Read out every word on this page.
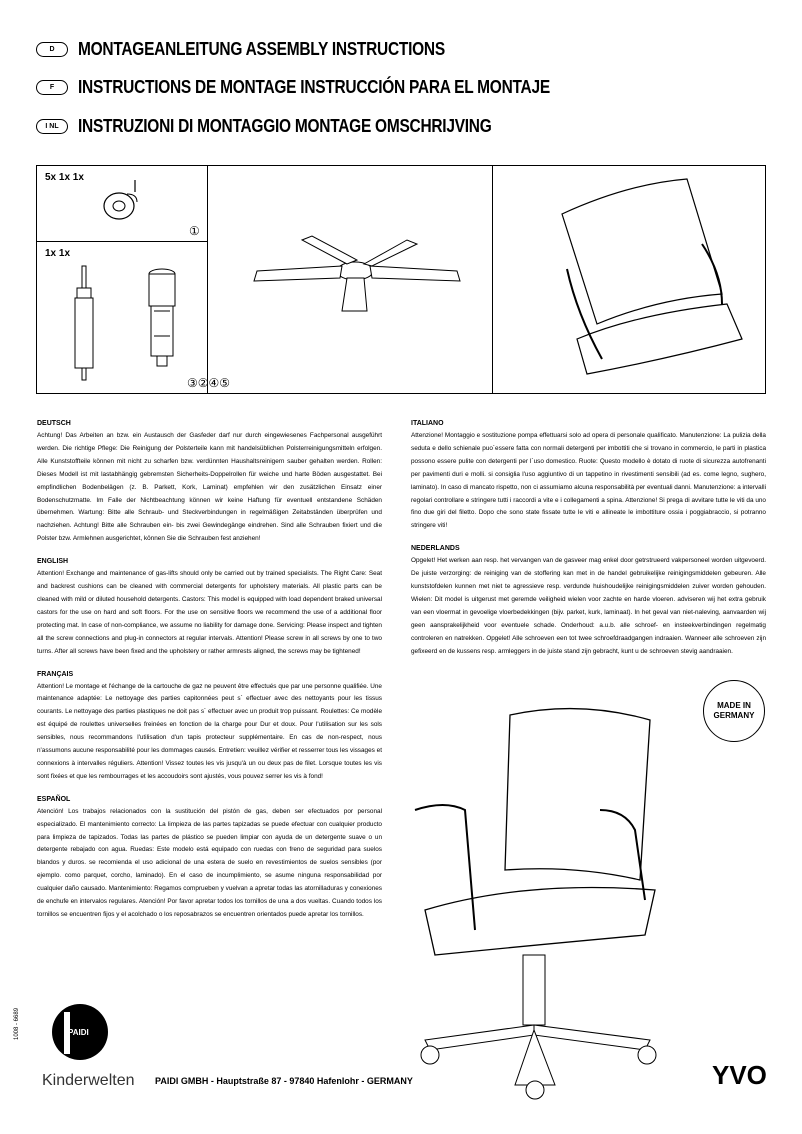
D	MONTAGEANLEITUNG ASSEMBLY INSTRUCTIONS
F	INSTRUCTIONS DE MONTAGE INSTRUCCIÓN PARA EL MONTAJE
I NL	INSTRUZIONI DI MONTAGGIO MONTAGE OMSCHRIJVING
5x 1x 1x
1x 1x
①
③②④⑤
DEUTSCH

Achtung! Das Arbeiten an bzw. ein Austausch der Gasfeder darf nur durch eingewiesenes Fachpersonal ausgeführt werden. Die richtige Pflege: Die Reinigung der Polsterteile kann mit handelsüblichen Polsterreinigungsmitteln erfolgen. Alle Kunststoffteile können mit nicht zu scharfen bzw. verdünnten Haushaltsreinigern sauber gehalten werden. Rollen: Dieses Modell ist mit lastabhängig gebremsten Sicherheits-Doppelrollen für weiche und harte Böden ausgestattet. Bei empfindlichen Bodenbelägen (z. B. Parkett, Kork, Laminat) empfehlen wir den zusätzlichen Einsatz einer Bodenschutzmatte. Im Falle der Nichtbeachtung können wir keine Haftung für eventuell entstandene Schäden übernehmen. Wartung: Bitte alle Schraub- und Steckverbindungen in regelmäßigen Zeitabständen überprüfen und nachziehen. Achtung! Bitte alle Schrauben ein- bis zwei Gewindegänge eindrehen. Sind alle Schrauben fixiert und die Polster bzw. Armlehnen ausgerichtet, können Sie die Schrauben fest anziehen!

ENGLISH

Attention! Exchange and maintenance of gas-lifts should only be carried out by trained specialists. The Right Care: Seat and backrest cushions can be cleaned with commercial detergents for upholstery materials. All plastic parts can be cleaned with mild or diluted household detergents. Castors: This model is equipped with load dependent braked universal castors for the use on hard and soft floors. For the use on sensitive floors we recommend the use of a additional floor protecting mat. In case of non-compliance, we assume no liability for damage done. Servicing: Please inspect and tighten all the screw connections and plug-in connectors at regular intervals. Attention! Please screw in all screws by one to two turns. After all screws have been fixed and the upholstery or rather armrests aligned, the screws may be tightened!

FRANÇAIS

Attention! Le montage et l'échange de la cartouche de gaz ne peuvent être effectués que par une personne qualifiée. Une maintenance adaptée: Le nettoyage des parties capitonnées peut s´ effectuer avec des nettoyants pour les tissus courants. Le nettoyage des parties plastiques ne doit pas s´ effectuer avec un produit trop puissant. Roulettes: Ce modèle est équipé de roulettes universelles freinées en fonction de la charge pour Dur et doux. Pour l'utilisation sur les sols sensibles, nous recommandons l'utilisation d'un tapis protecteur supplémentaire. En cas de non-respect, nous n'assumons aucune responsabilité pour les dommages causés. Entretien: veuillez vérifier et resserrer tous les vissages et connexions à intervalles réguliers. Attention! Vissez toutes les vis jusqu'à un ou deux pas de filet. Lorsque toutes les vis sont fixées et que les rembourrages et les accoudoirs sont ajustés, vous pouvez serrer les vis à fond!

ESPAÑOL

Atención! Los trabajos relacionados con la sustitución del pistón de gas, deben ser efectuados por personal especializado. El mantenimiento correcto: La limpieza de las partes tapizadas se puede efectuar con cualquier producto para limpieza de tapizados. Todas las partes de plástico se pueden limpiar con ayuda de un detergente suave o un detergente rebajado con agua. Ruedas: Este modelo está equipado con ruedas con freno de seguridad para suelos blandos y duros. se recomienda el uso adicional de una estera de suelo en revestimientos de suelos sensibles (por ejemplo. como parquet, corcho, laminado). En el caso de incumplimiento, se asume ninguna responsabilidad por cualquier daño causado. Mantenimiento: Regamos comprueben y vuelvan a apretar todas las atornilladuras y conexiones de enchufe en intervalos regulares. Atención! Por favor apretar todos los tornillos de una a dos vueltas. Cuando todos los tornillos se encuentren fijos y el acolchado o los reposabrazos se encuentren orientados puede apretar los tornillos.

ITALIANO

Attenzione! Montaggio e sostituzione pompa effettuarsi solo ad opera di personale qualificato. Manutenzione: La pulizia della seduta e dello schienale puo´essere fatta con normali detergenti per imbottiti che si trovano in commercio, le parti in plastica possono essere pulite con detergenti per l´uso domestico. Ruote: Questo modello è dotato di ruote di sicurezza autofrenanti per pavimenti duri e molli. si consiglia l'uso aggiuntivo di un tappetino in rivestimenti sensibili (ad es. come legno, sughero, laminato). In caso di mancato rispetto, non ci assumiamo alcuna responsabilità per eventuali danni. Manutenzione: a intervalli regolari controllare e stringere tutti i raccordi a vite e i collegamenti a spina. Attenzione! Si prega di avvitare tutte le viti da uno fino due giri del filetto. Dopo che sono state fissate tutte le viti e allineate le imbottiture ossia i poggiabraccio, si potranno stringere viti!

NEDERLANDS

Opgelet! Het werken aan resp. het vervangen van de gasveer mag enkel door getrstrueerd vakpersoneel worden uitgevoerd. De juiste verzorging: de reiniging van de stoffering kan met in de handel gebruikelijke reinigingsmiddelen gebeuren. Alle kunststofdelen kunnen met niet te agressieve resp. verdunde huishoudelijke reinigingsmiddelen zuiver worden gehouden. Wielen: Dit model is uitgerust met geremde veiligheid wielen voor zachte en harde vloeren. adviseren wij het extra gebruik van een vloermat in gevoelige vloerbedekkingen (bijv. parket, kurk, laminaat). In het geval van niet-naleving, aanvaarden wij geen aansprakelijkheid voor eventuele schade. Onderhoud: a.u.b. alle schroef- en insteekverbindingen regelmatig controleren en natrekken. Opgelet! Alle schroeven een tot twee schroefdraadgangen indraaien. Wanneer alle schroeven zijn gefixeerd en de kussens resp. armleggers in de juiste stand zijn gebracht, kunt u de schroeven stevig aandraaien.

MADE IN
GERMANY
PAIDI
Kinderwelten
1008 - 6689
PAIDI GMBH - Hauptstraße 87 - 97840 Hafenlohr - GERMANY	YVO
